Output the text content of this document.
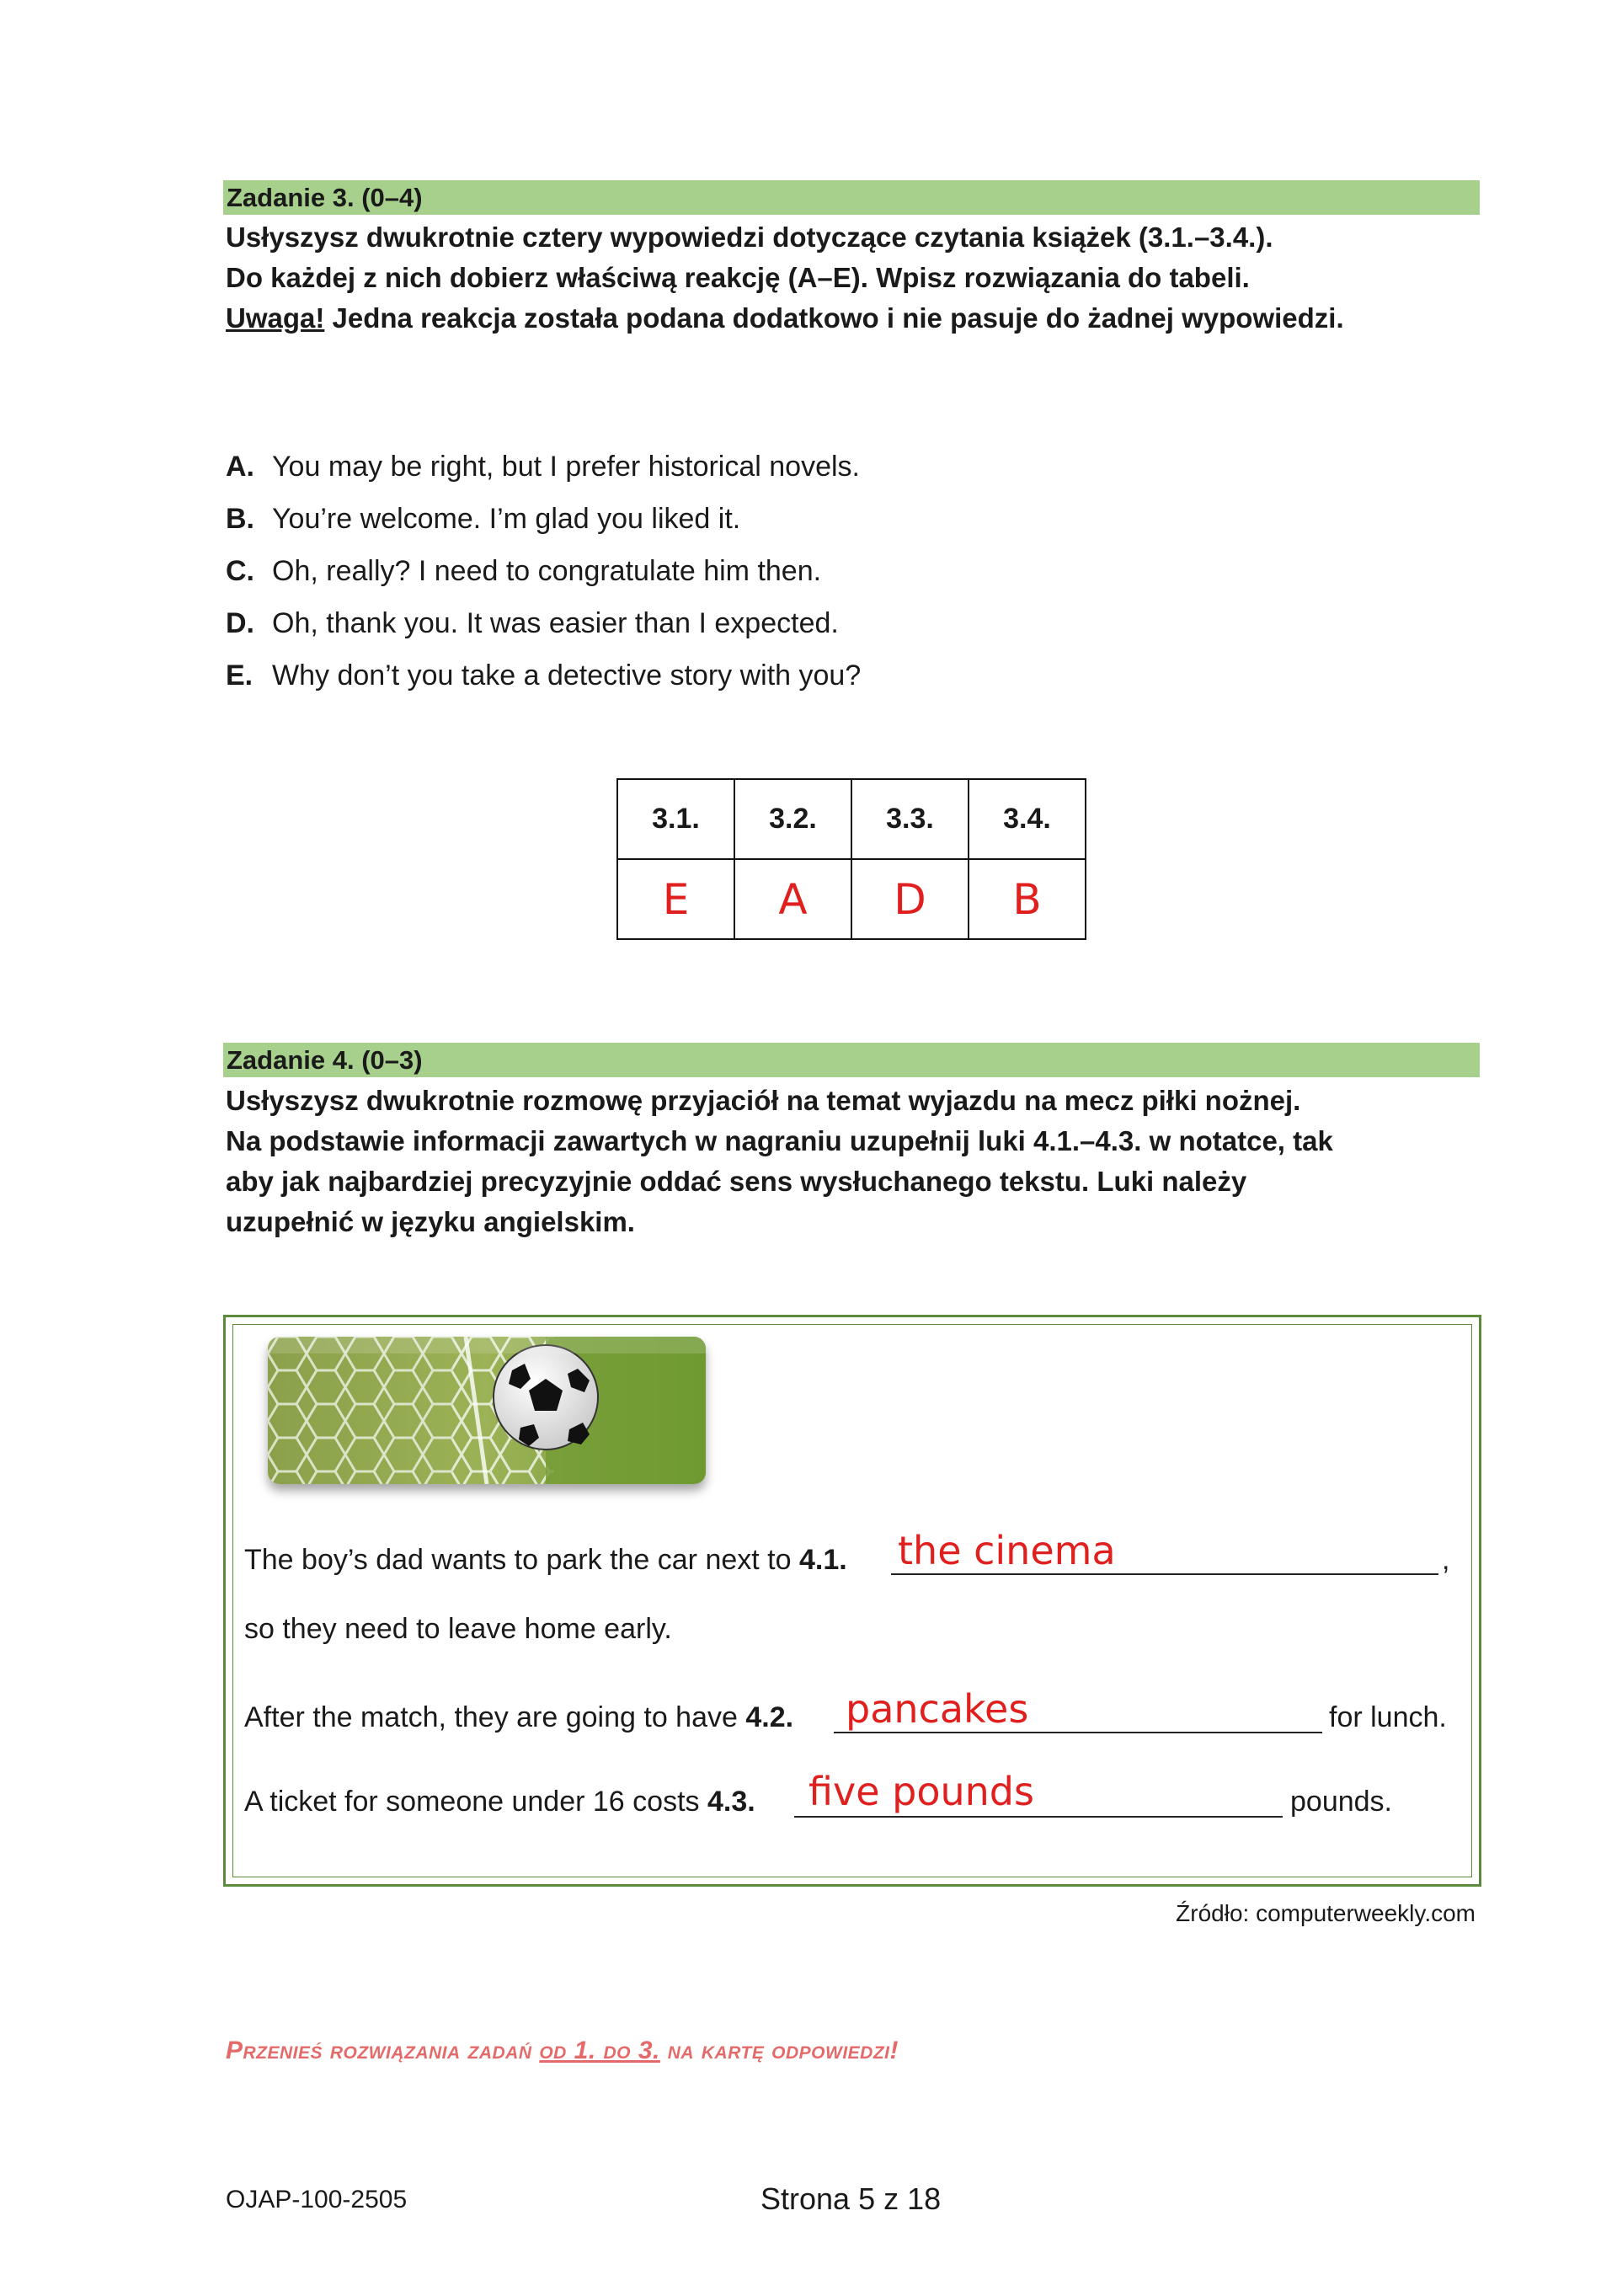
Zadanie 3. (0–4)
Usłyszysz dwukrotnie cztery wypowiedzi dotyczące czytania książek (3.1.–3.4.).
Do każdej z nich dobierz właściwą reakcję (A–E). Wpisz rozwiązania do tabeli.
Uwaga! Jedna reakcja została podana dodatkowo i nie pasuje do żadnej wypowiedzi.
A. You may be right, but I prefer historical novels.
B. You’re welcome. I’m glad you liked it.
C. Oh, really? I need to congratulate him then.
D. Oh, thank you. It was easier than I expected.
E. Why don’t you take a detective story with you?
3.1.	3.2.	3.3.	3.4.
E	A	D	B
Zadanie 4. (0–3)
Usłyszysz dwukrotnie rozmowę przyjaciół na temat wyjazdu na mecz piłki nożnej.
Na podstawie informacji zawartych w nagraniu uzupełnij luki 4.1.–4.3. w notatce, tak
aby jak najbardziej precyzyjnie oddać sens wysłuchanego tekstu. Luki należy
uzupełnić w języku angielskim.
The boy’s dad wants to park the car next to 4.1.	,
the cinema
so they need to leave home early.
After the match, they are going to have 4.2.	for lunch.
pancakes
A ticket for someone under 16 costs 4.3.	pounds.
five pounds
Źródło: computerweekly.com
Przenieś rozwiązania zadań od 1. do 3. na kartę odpowiedzi!
OJAP-100-2505	Strona 5 z 18
